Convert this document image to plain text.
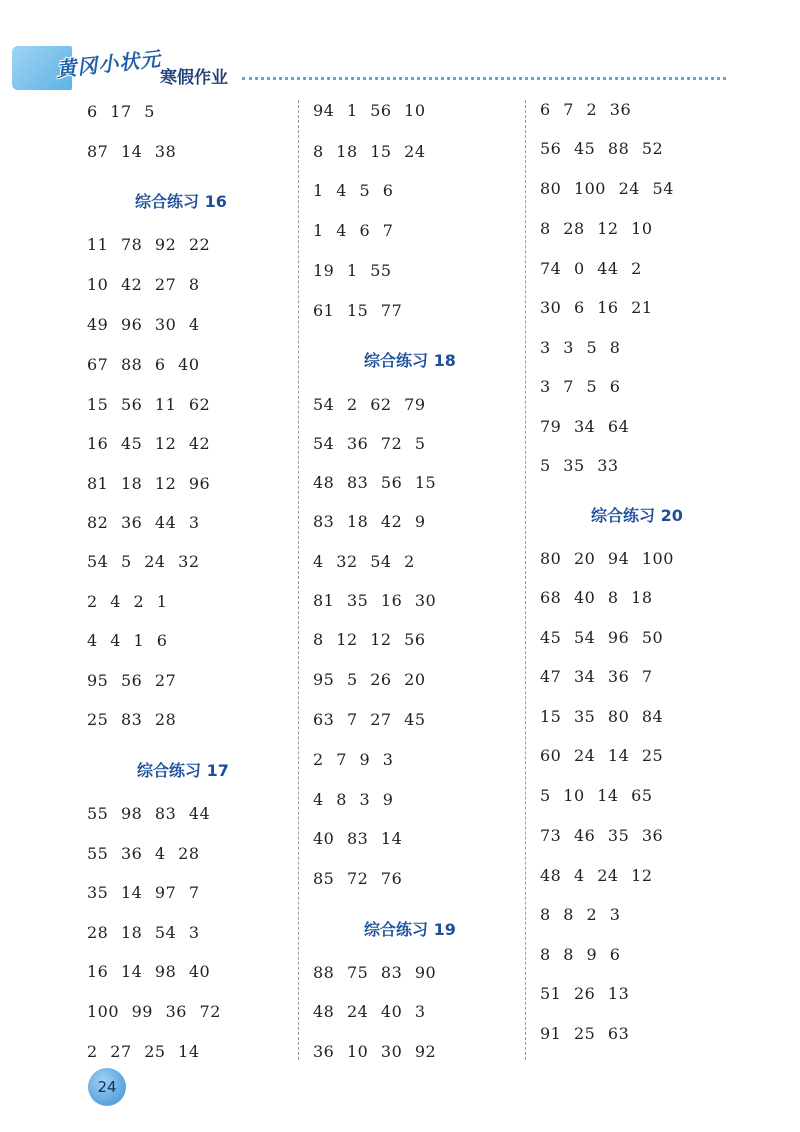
黄冈小状元
寒假作业
6 17 5
87 14 38
综合练习 16
11 78 92 22
10 42 27 8
49 96 30 4
67 88 6 40
15 56 11 62
16 45 12 42
81 18 12 96
82 36 44 3
54 5 24 32
2 4 2 1
4 4 1 6
95 56 27
25 83 28
综合练习 17
55 98 83 44
55 36 4 28
35 14 97 7
28 18 54 3
16 14 98 40
100 99 36 72
2 27 25 14
94 1 56 10
8 18 15 24
1 4 5 6
1 4 6 7
19 1 55
61 15 77
综合练习 18
54 2 62 79
54 36 72 5
48 83 56 15
83 18 42 9
4 32 54 2
81 35 16 30
8 12 12 56
95 5 26 20
63 7 27 45
2 7 9 3
4 8 3 9
40 83 14
85 72 76
综合练习 19
88 75 83 90
48 24 40 3
36 10 30 92
6 7 2 36
56 45 88 52
80 100 24 54
8 28 12 10
74 0 44 2
30 6 16 21
3 3 5 8
3 7 5 6
79 34 64
5 35 33
综合练习 20
80 20 94 100
68 40 8 18
45 54 96 50
47 34 36 7
15 35 80 84
60 24 14 25
5 10 14 65
73 46 35 36
48 4 24 12
8 8 2 3
8 8 9 6
51 26 13
91 25 63
24
